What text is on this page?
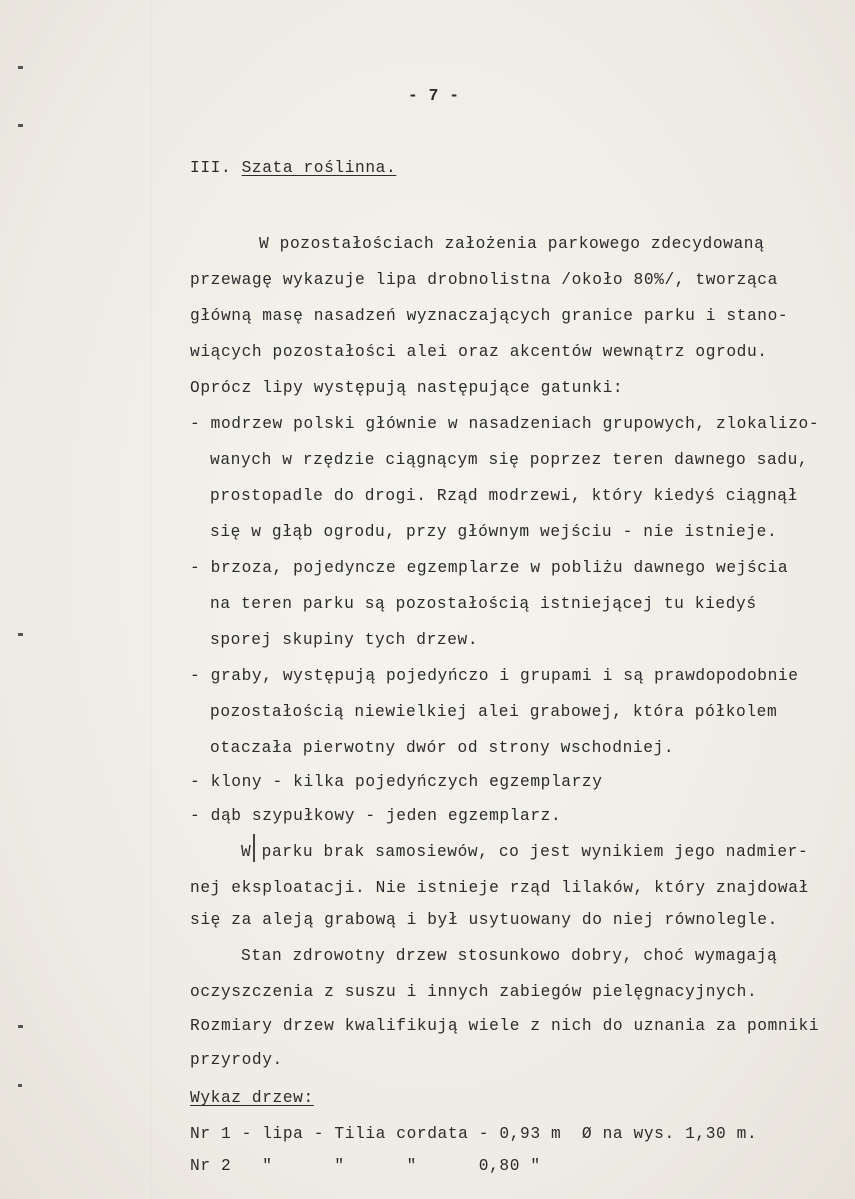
- 7 -
III. Szata roślinna.
W pozostałościach założenia parkowego zdecydowaną
przewagę wykazuje lipa drobnolistna /około 80%/, tworząca
główną masę nasadzeń wyznaczających granice parku i stano-
wiących pozostałości alei oraz akcentów wewnątrz ogrodu.
Oprócz lipy występują następujące gatunki:
- modrzew polski głównie w nasadzeniach grupowych, zlokalizo-
wanych w rzędzie ciągnącym się poprzez teren dawnego sadu,
prostopadle do drogi. Rząd modrzewi, który kiedyś ciągnął
się w głąb ogrodu, przy głównym wejściu - nie istnieje.
- brzoza, pojedyncze egzemplarze w pobliżu dawnego wejścia
na teren parku są pozostałością istniejącej tu kiedyś
sporej skupiny tych drzew.
- graby, występują pojedyńczo i grupami i są prawdopodobnie
pozostałością niewielkiej alei grabowej, która półkolem
otaczała pierwotny dwór od strony wschodniej.
- klony - kilka pojedyńczych egzemplarzy
- dąb szypułkowy - jeden egzemplarz.
W parku brak samosiewów, co jest wynikiem jego nadmier-
nej eksploatacji. Nie istnieje rząd lilaków, który znajdował
się za aleją grabową i był usytuowany do niej równolegle.
Stan zdrowotny drzew stosunkowo dobry, choć wymagają
oczyszczenia z suszu i innych zabiegów pielęgnacyjnych.
Rozmiary drzew kwalifikują wiele z nich do uznania za pomniki
przyrody.
Wykaz drzew:
Nr 1 - lipa - Tilia cordata - 0,93 m  Ø na wys. 1,30 m.
Nr 2   "      "      "      0,80 "
